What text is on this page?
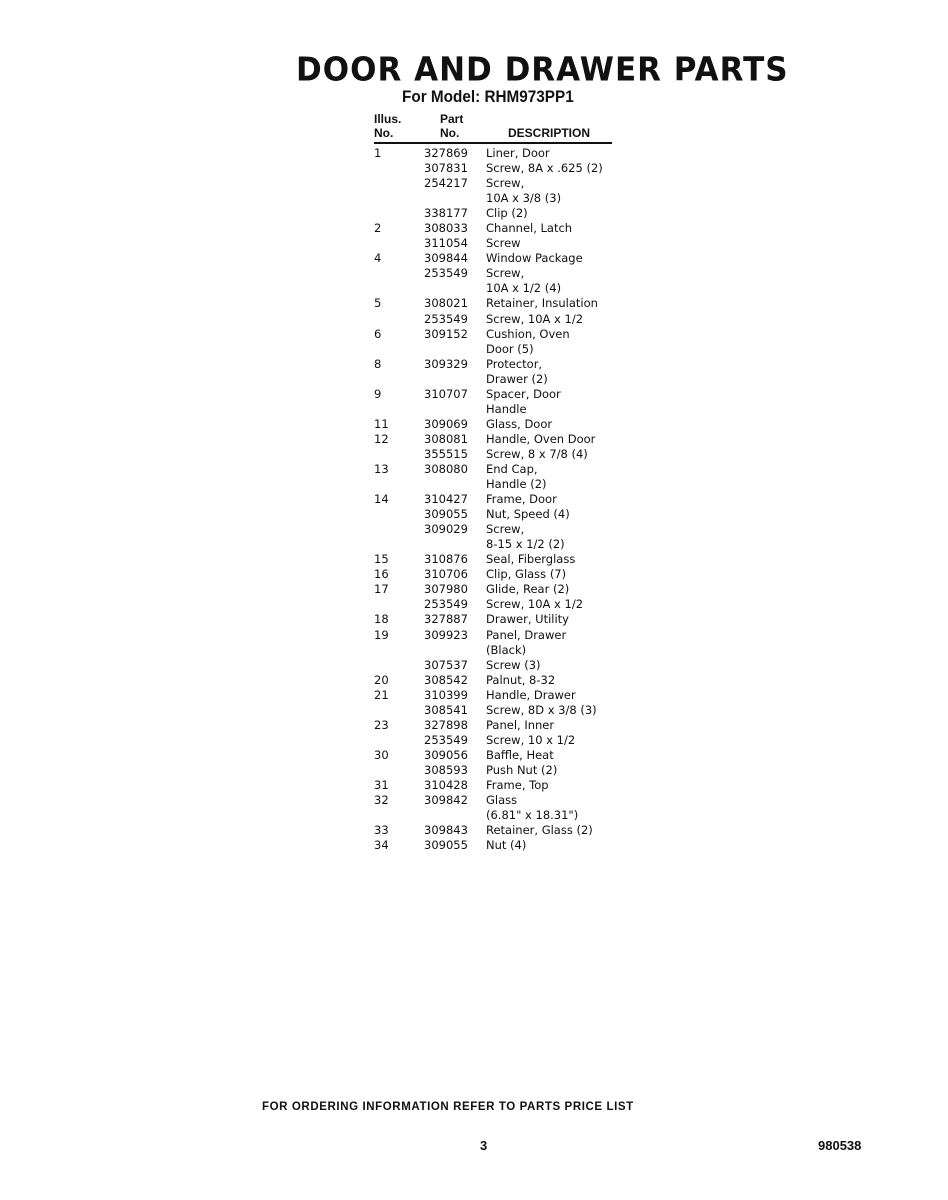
DOOR AND DRAWER PARTS
For Model: RHM973PP1
Illus.
No.
Part
No.	DESCRIPTION
1	327869 Liner, Door
307831 Screw, 8A x .625 (2)
254217 Screw,
10A x 3/8 (3)
338177 Clip (2)
2	308033 Channel, Latch
311054 Screw
4	309844 Window Package
253549 Screw,
10A x 1/2 (4)
5	308021 Retainer, Insulation
253549 Screw, 10A x 1/2
6	309152 Cushion, Oven
Door (5)
8	309329 Protector,
Drawer (2)
9	310707 Spacer, Door
Handle
11	309069 Glass, Door
12	308081 Handle, Oven Door
355515 Screw, 8 x 7/8 (4)
13	308080 End Cap,
Handle (2)
14	310427 Frame, Door
309055 Nut, Speed (4)
309029 Screw,
8-15 x 1/2 (2)
15	310876 Seal, Fiberglass
16	310706 Clip, Glass (7)
17	307980 Glide, Rear (2)
253549 Screw, 10A x 1/2
18	327887 Drawer, Utility
19	309923 Panel, Drawer
(Black)
307537 Screw (3)
20	308542 Palnut, 8-32
21	310399 Handle, Drawer
308541 Screw, 8D x 3/8 (3)
23	327898 Panel, Inner
253549 Screw, 10 x 1/2
30	309056 Baffle, Heat
308593 Push Nut (2)
31	310428 Frame, Top
32	309842 Glass
(6.81" x 18.31")
33	309843 Retainer, Glass (2)
34	309055 Nut (4)
FOR ORDERING INFORMATION REFER TO PARTS PRICE LIST
3	980538
